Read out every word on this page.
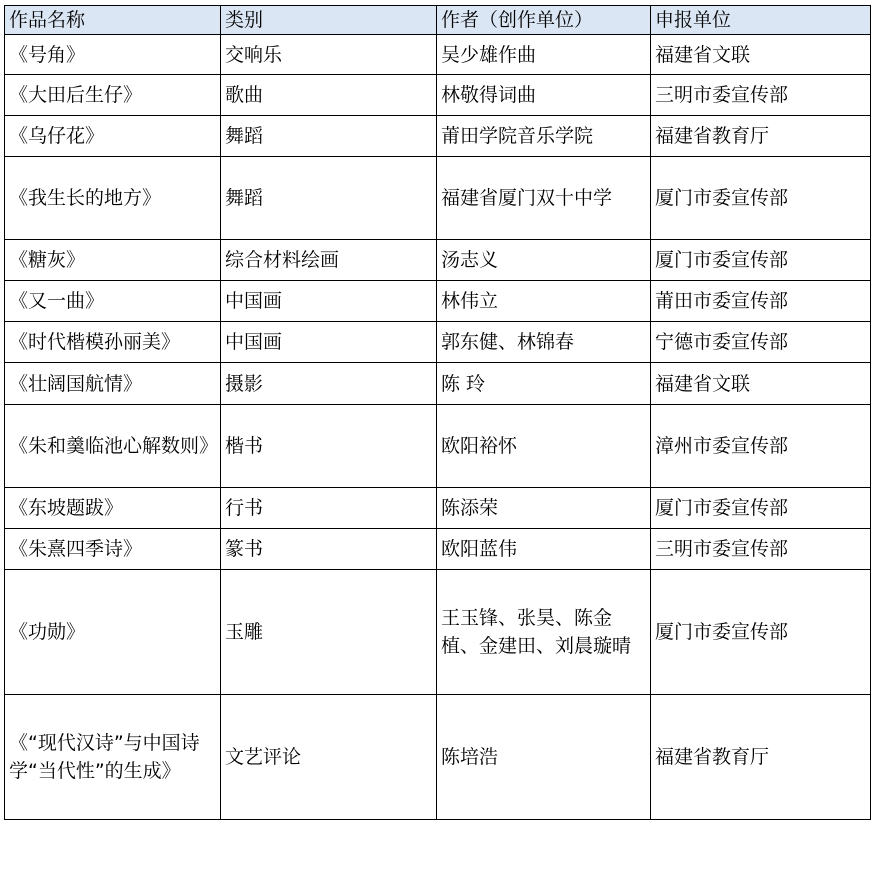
作品名称	类别	作者（创作单位）	申报单位
《号角》	交响乐	吴少雄作曲	福建省文联
《大田后生仔》	歌曲	林敬得词曲	三明市委宣传部
《乌仔花》	舞蹈	莆田学院音乐学院	福建省教育厅
《我生长的地方》	舞蹈	福建省厦门双十中学	厦门市委宣传部
《糖灰》	综合材料绘画	汤志义	厦门市委宣传部
《又一曲》	中国画	林伟立	莆田市委宣传部
《时代楷模孙丽美》	中国画	郭东健、林锦春	宁德市委宣传部
《壮阔国航情》	摄影	陈 玲	福建省文联
《朱和羹临池心解数则》	楷书	欧阳裕怀	漳州市委宣传部
《东坡题跋》	行书	陈添荣	厦门市委宣传部
《朱熹四季诗》	篆书	欧阳蓝伟	三明市委宣传部
《功勋》	玉雕	王玉锋、张昊、陈金植、金建田、刘晨璇晴	厦门市委宣传部
《“现代汉诗”与中国诗学“当代性”的生成》	文艺评论	陈培浩	福建省教育厅
